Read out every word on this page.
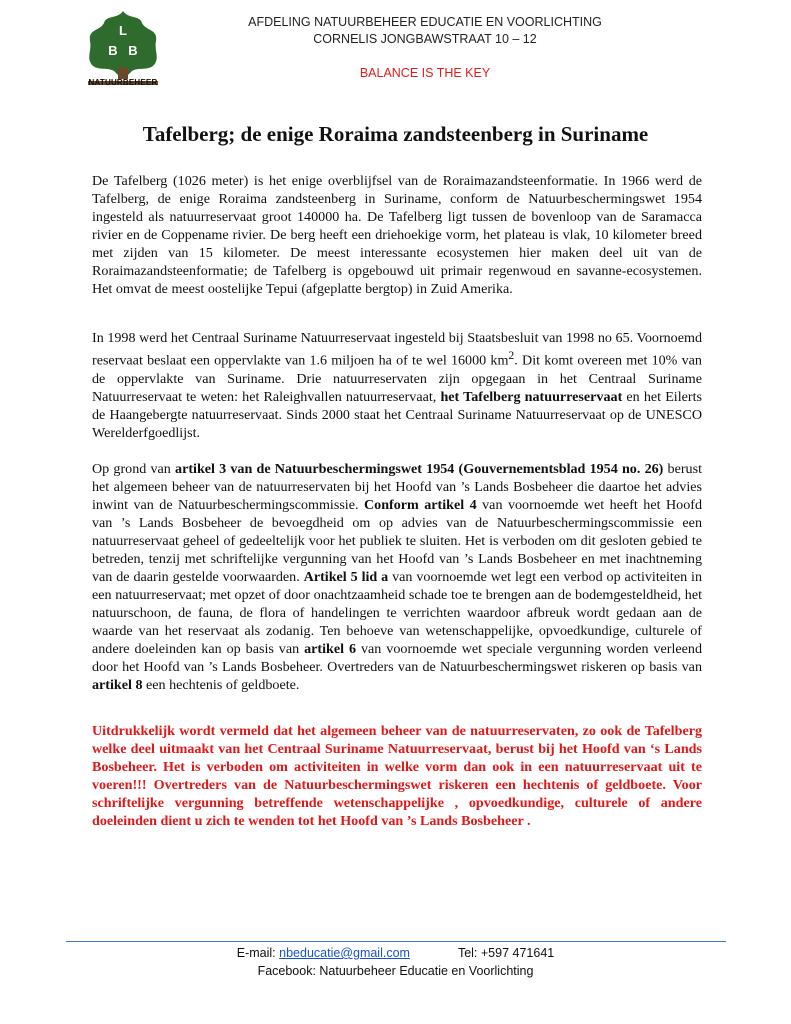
L
B B
NATUURBEHEER
AFDELING NATUURBEHEER EDUCATIE EN VOORLICHTING
CORNELIS JONGBAWSTRAAT 10 – 12
BALANCE IS THE KEY
Tafelberg; de enige Roraima zandsteenberg in Suriname
De Tafelberg (1026 meter) is het enige overblijfsel van de Roraimazandsteenformatie. In 1966 werd de Tafelberg, de enige Roraima zandsteenberg in Suriname, conform de Natuurbeschermingswet 1954 ingesteld als natuurreservaat groot 140000 ha. De Tafelberg ligt tussen de bovenloop van de Saramacca rivier en de Coppename rivier. De berg heeft een driehoekige vorm, het plateau is vlak, 10 kilometer breed met zijden van 15 kilometer. De meest interessante ecosystemen hier maken deel uit van de Roraimazandsteenformatie; de Tafelberg is opgebouwd uit primair regenwoud en savanne-ecosystemen. Het omvat de meest oostelijke Tepui (afgeplatte bergtop) in Zuid Amerika.
In 1998 werd het Centraal Suriname Natuurreservaat ingesteld bij Staatsbesluit van 1998 no 65. Voornoemd reservaat beslaat een oppervlakte van 1.6 miljoen ha of te wel 16000 $km^2$. Dit komt overeen met 10% van de oppervlakte van Suriname. Drie natuurreservaten zijn opgegaan in het Centraal Suriname Natuurreservaat te weten: het Raleighvallen natuurreservaat, het Tafelberg natuurreservaat en het Eilerts de Haangebergte natuurreservaat. Sinds 2000 staat het Centraal Suriname Natuurreservaat op de UNESCO Werelderfgoedlijst.
Op grond van artikel 3 van de Natuurbeschermingswet 1954 (Gouvernementsblad 1954 no. 26) berust het algemeen beheer van de natuurreservaten bij het Hoofd van ’s Lands Bosbeheer die daartoe het advies inwint van de Natuurbeschermingscommissie. Conform artikel 4 van voornoemde wet heeft het Hoofd van ’s Lands Bosbeheer de bevoegdheid om op advies van de Natuurbeschermingscommissie een natuurreservaat geheel of gedeeltelijk voor het publiek te sluiten. Het is verboden om dit gesloten gebied te betreden, tenzij met schriftelijke vergunning van het Hoofd van ’s Lands Bosbeheer en met inachtneming van de daarin gestelde voorwaarden. Artikel 5 lid a van voornoemde wet legt een verbod op activiteiten in een natuurreservaat; met opzet of door onachtzaamheid schade toe te brengen aan de bodemgesteldheid, het natuurschoon, de fauna, de flora of handelingen te verrichten waardoor afbreuk wordt gedaan aan de waarde van het reservaat als zodanig. Ten behoeve van wetenschappelijke, opvoedkundige, culturele of andere doeleinden kan op basis van artikel 6 van voornoemde wet speciale vergunning worden verleend door het Hoofd van ’s Lands Bosbeheer. Overtreders van de Natuurbeschermingswet riskeren op basis van artikel 8 een hechtenis of geldboete.
Uitdrukkelijk wordt vermeld dat het algemeen beheer van de natuurreservaten, zo ook de Tafelberg welke deel uitmaakt van het Centraal Suriname Natuurreservaat, berust bij het Hoofd van ‘s Lands Bosbeheer. Het is verboden om activiteiten in welke vorm dan ook in een natuurreservaat uit te voeren!!! Overtreders van de Natuurbeschermingswet riskeren een hechtenis of geldboete. Voor schriftelijke vergunning betreffende wetenschappelijke , opvoedkundige, culturele of andere doeleinden dient u zich te wenden tot het Hoofd van ’s Lands Bosbeheer .
E-mail: nbeducatie@gmail.com	Tel: +597 471641
Facebook: Natuurbeheer Educatie en Voorlichting
